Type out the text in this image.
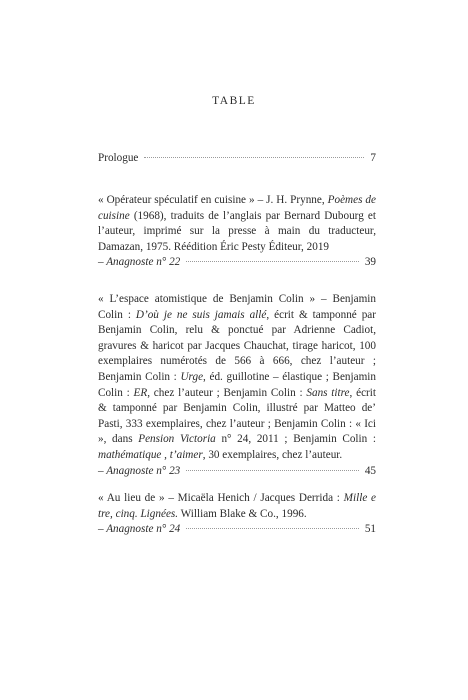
TABLE
Prologue	7
« Opérateur spéculatif en cuisine » – J. H. Prynne, Poèmes de cuisine (1968), traduits de l’anglais par Bernard Dubourg et l’auteur, imprimé sur la presse à main du traducteur, Damazan, 1975. Réédition Éric Pesty Éditeur, 2019
– Anagnoste n° 22	39
« L’espace atomistique de Benjamin Colin » – Benjamin Colin : D’où je ne suis jamais allé, écrit & tamponné par Benjamin Colin, relu & ponctué par Adrienne Cadiot, gravures & haricot par Jacques Chauchat, tirage haricot, 100 exemplaires numérotés de 566 à 666, chez l’auteur ; Benjamin Colin : Urge, éd. guillotine – élastique ; Benjamin Colin : ER, chez l’auteur ; Benjamin Colin : Sans titre, écrit & tamponné par Benjamin Colin, illustré par Matteo de’ Pasti, 333 exemplaires, chez l’auteur ; Benjamin Colin : « Ici », dans Pension Victoria n° 24, 2011 ; Benjamin Colin : mathématique , t’aimer, 30 exemplaires, chez l’auteur.
– Anagnoste n° 23	45
« Au lieu de » – Micaëla Henich / Jacques Derrida : Mille e tre, cinq. Lignées. William Blake & Co., 1996.
– Anagnoste n° 24	51
